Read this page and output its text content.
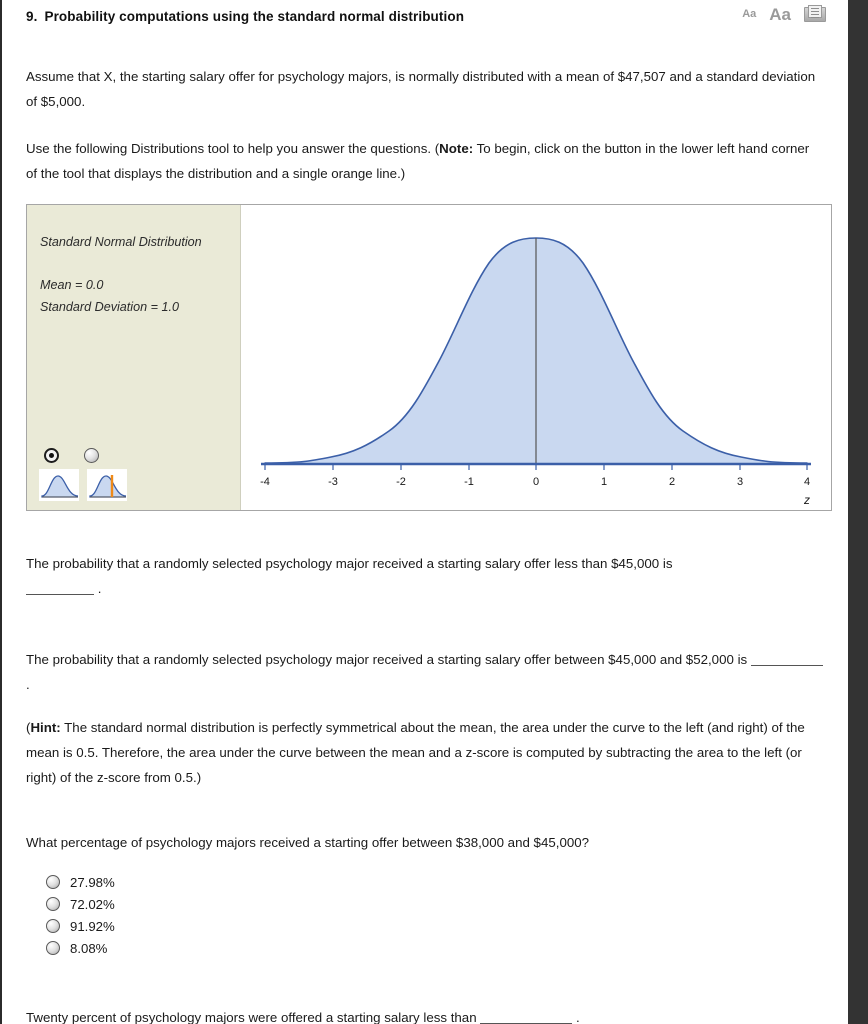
9. Probability computations using the standard normal distribution	Aa Aa
Assume that X, the starting salary offer for psychology majors, is normally distributed with a mean of $47,507 and a standard deviation of $5,000.
Use the following Distributions tool to help you answer the questions. (Note: To begin, click on the button in the lower left hand corner of the tool that displays the distribution and a single orange line.)
Standard Normal Distribution
Mean = 0.0
Standard Deviation = 1.0
-4	-3	-2	-1	0	1	2	3	4
z
The probability that a randomly selected psychology major received a starting salary offer less than $45,000 is
.
The probability that a randomly selected psychology major received a starting salary offer between $45,000 and $52,000 is  .
(Hint: The standard normal distribution is perfectly symmetrical about the mean, the area under the curve to the left (and right) of the mean is 0.5. Therefore, the area under the curve between the mean and a z-score is computed by subtracting the area to the left (or right) of the z-score from 0.5.)
What percentage of psychology majors received a starting offer between $38,000 and $45,000?
27.98%
72.02%
91.92%
8.08%
Twenty percent of psychology majors were offered a starting salary less than	.
